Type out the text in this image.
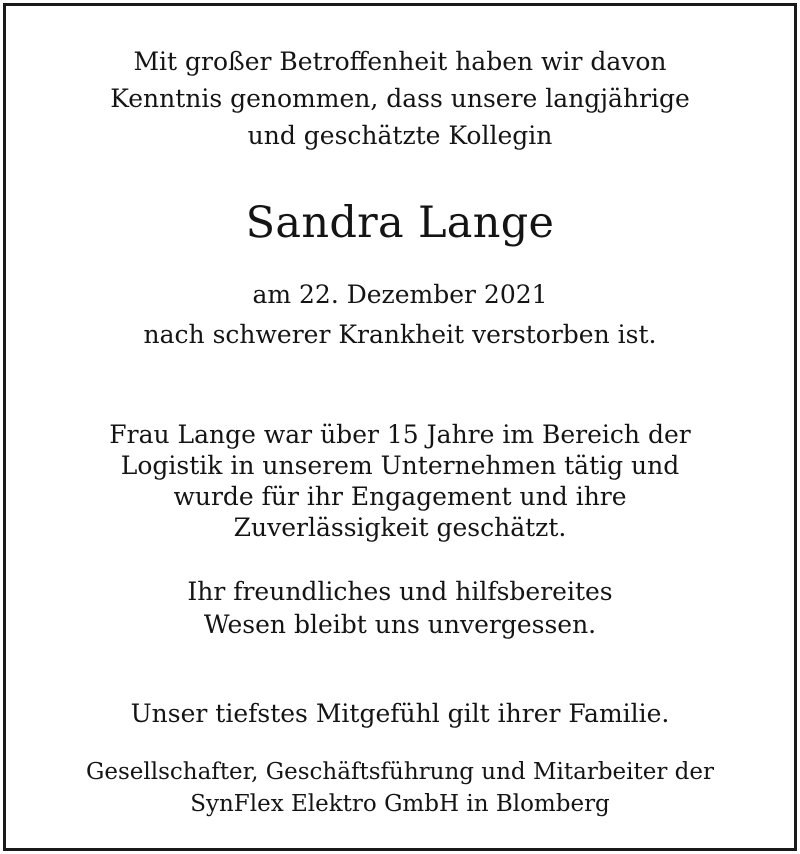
Mit großer Betroffenheit haben wir davon
Kenntnis genommen, dass unsere langjährige
und geschätzte Kollegin

Sandra Lange

am 22. Dezember 2021
nach schwerer Krankheit verstorben ist.

Frau Lange war über 15 Jahre im Bereich der
Logistik in unserem Unternehmen tätig und
wurde für ihr Engagement und ihre
Zuverlässigkeit geschätzt.

Ihr freundliches und hilfsbereites
Wesen bleibt uns unvergessen.

Unser tiefstes Mitgefühl gilt ihrer Familie.

Gesellschafter, Geschäftsführung und Mitarbeiter der
SynFlex Elektro GmbH in Blomberg
